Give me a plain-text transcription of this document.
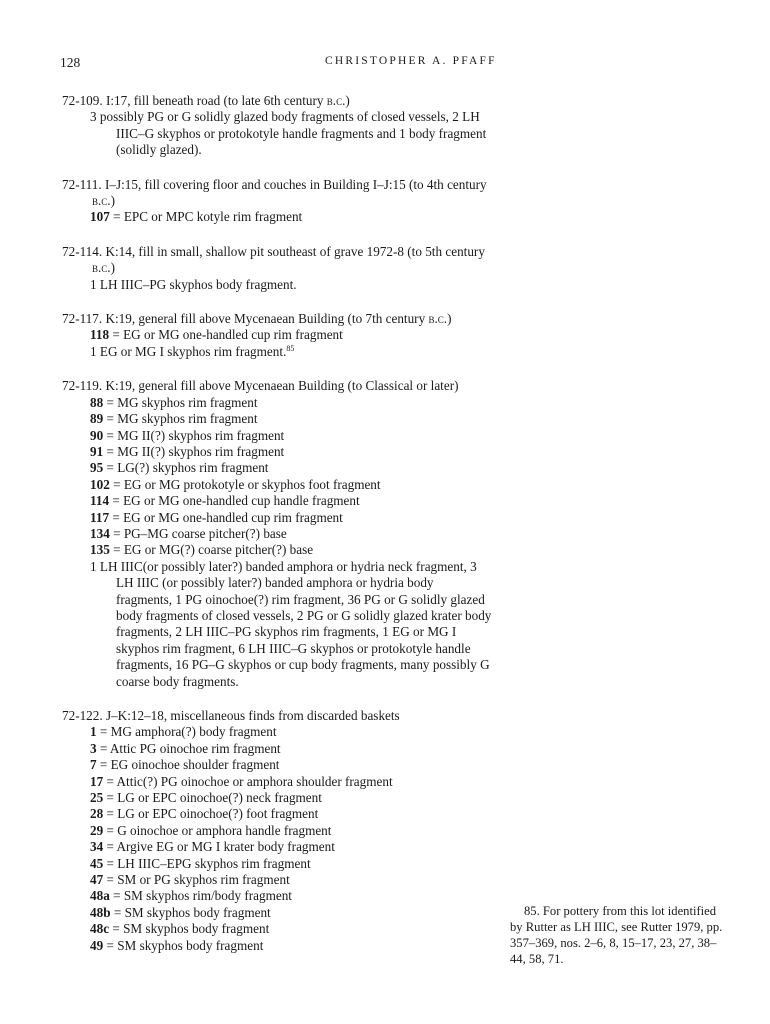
128	CHRISTOPHER A. PFAFF
72-109. I:17, fill beneath road (to late 6th century b.c.)
3 possibly PG or G solidly glazed body fragments of closed vessels, 2 LH IIIC–G skyphos or protokotyle handle fragments and 1 body fragment (solidly glazed).
72-111. I–J:15, fill covering floor and couches in Building I–J:15 (to 4th century b.c.)
107 = EPC or MPC kotyle rim fragment
72-114. K:14, fill in small, shallow pit southeast of grave 1972-8 (to 5th century b.c.)
1 LH IIIC–PG skyphos body fragment.
72-117. K:19, general fill above Mycenaean Building (to 7th century b.c.)
118 = EG or MG one-handled cup rim fragment
1 EG or MG I skyphos rim fragment.$^{85}$
72-119. K:19, general fill above Mycenaean Building (to Classical or later)
88 = MG skyphos rim fragment
89 = MG skyphos rim fragment
90 = MG II(?) skyphos rim fragment
91 = MG II(?) skyphos rim fragment
95 = LG(?) skyphos rim fragment
102 = EG or MG protokotyle or skyphos foot fragment
114 = EG or MG one-handled cup handle fragment
117 = EG or MG one-handled cup rim fragment
134 = PG–MG coarse pitcher(?) base
135 = EG or MG(?) coarse pitcher(?) base
1 LH IIIC(or possibly later?) banded amphora or hydria neck fragment, 3 LH IIIC (or possibly later?) banded amphora or hydria body fragments, 1 PG oinochoe(?) rim fragment, 36 PG or G solidly glazed body fragments of closed vessels, 2 PG or G solidly glazed krater body fragments, 2 LH IIIC–PG skyphos rim fragments, 1 EG or MG I skyphos rim fragment, 6 LH IIIC–G skyphos or protokotyle handle fragments, 16 PG–G skyphos or cup body fragments, many possibly G coarse body fragments.
72-122. J–K:12–18, miscellaneous finds from discarded baskets
1 = MG amphora(?) body fragment
3 = Attic PG oinochoe rim fragment
7 = EG oinochoe shoulder fragment
17 = Attic(?) PG oinochoe or amphora shoulder fragment
25 = LG or EPC oinochoe(?) neck fragment
28 = LG or EPC oinochoe(?) foot fragment
29 = G oinochoe or amphora handle fragment
34 = Argive EG or MG I krater body fragment
45 = LH IIIC–EPG skyphos rim fragment
47 = SM or PG skyphos rim fragment
48a = SM skyphos rim/body fragment
48b = SM skyphos body fragment
48c = SM skyphos body fragment
49 = SM skyphos body fragment
85. For pottery from this lot identified by Rutter as LH IIIC, see Rutter 1979, pp. 357–369, nos. 2–6, 8, 15–17, 23, 27, 38–44, 58, 71.
